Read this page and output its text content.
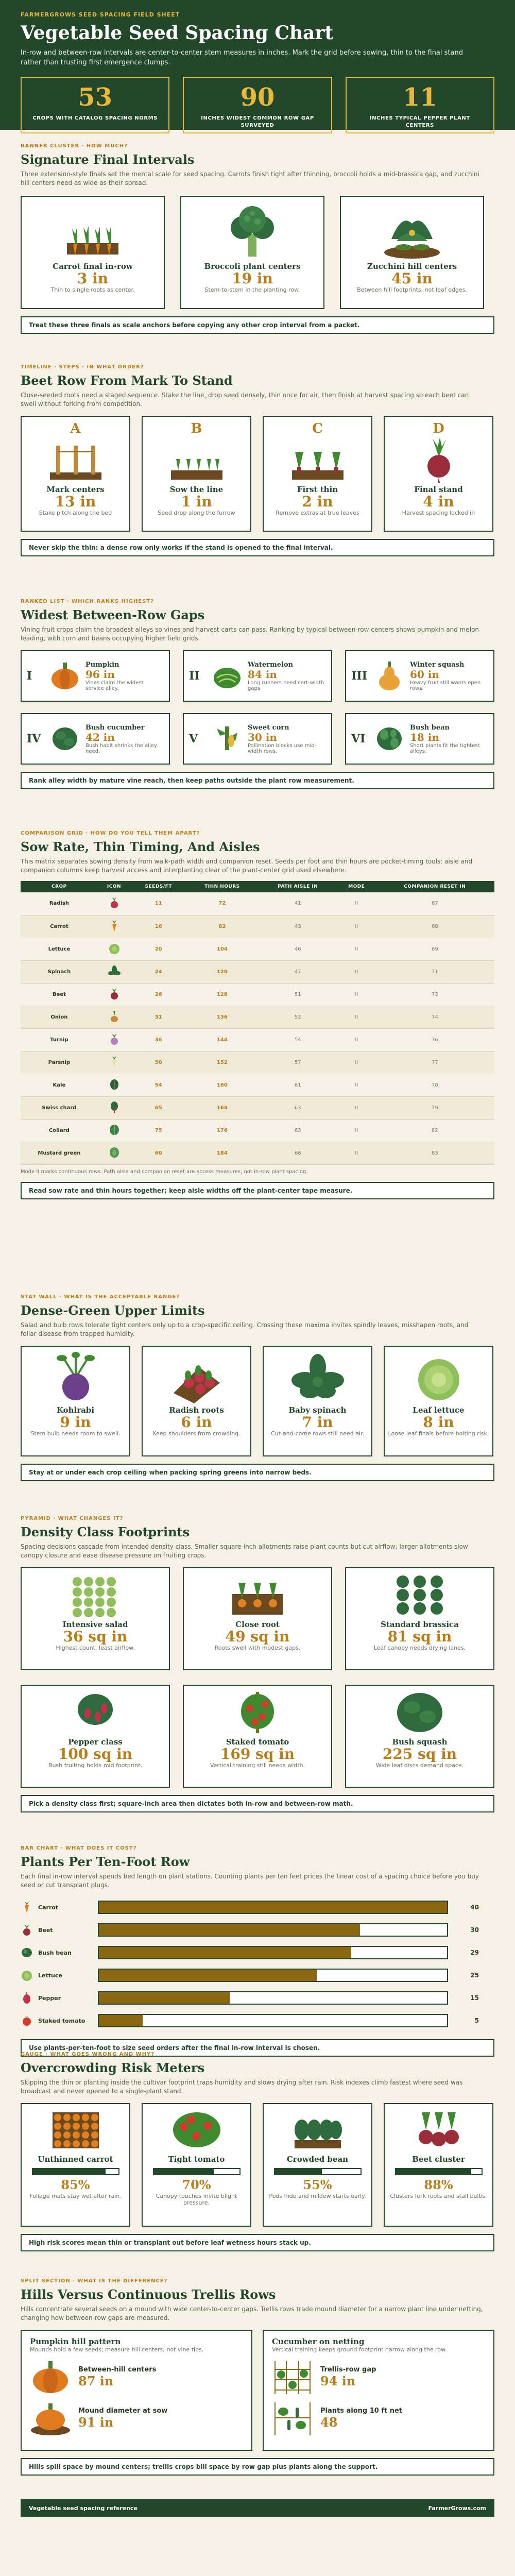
FARMERGROWS SEED SPACING FIELD SHEET
Vegetable Seed Spacing Chart
In-row and between-row intervals are center-to-center stem measures in inches. Mark the grid before sowing, thin to the final stand rather than trusting first emergence clumps.
53
CROPS WITH CATALOG SPACING NORMS
90
INCHES WIDEST COMMON ROW GAP SURVEYED
11
INCHES TYPICAL PEPPER PLANT CENTERS
BANNER CLUSTER · HOW MUCH?
Signature Final Intervals
Three extension-style finals set the mental scale for seed spacing. Carrots finish tight after thinning, broccoli holds a mid-brassica gap, and zucchini hill centers need as wide as their spread.
Carrot final in-row
3 in
Thin to single roots as center.
Broccoli plant centers
19 in
Stem-to-stem in the planting row.
Zucchini hill centers
45 in
Between hill footprints, not leaf edges.
Treat these three finals as scale anchors before copying any other crop interval from a packet.
TIMELINE · STEPS · IN WHAT ORDER?
Beet Row From Mark To Stand
Close-seeded roots need a staged sequence. Stake the line, drop seed densely, thin once for air, then finish at harvest spacing so each beet can swell without forking from competition.
A
Mark centers
13 in
Stake pitch along the bed
B
Sow the line
1 in
Seed drop along the furrow
C
First thin
2 in
Remove extras at true leaves
D
Final stand
4 in
Harvest spacing locked in
Never skip the thin: a dense row only works if the stand is opened to the final interval.
RANKED LIST · WHICH RANKS HIGHEST?
Widest Between-Row Gaps
Vining fruit crops claim the broadest alleys so vines and harvest carts can pass. Ranking by typical between-row centers shows pumpkin and melon leading, with corn and beans occupying higher field grids.
I
Pumpkin
96 in
Vines claim the widest service alley.
II
Watermelon
84 in
Long runners need cart-width gaps.
III
Winter squash
60 in
Heavy fruit still wants open rows.
IV
Bush cucumber
42 in
Bush habit shrinks the alley need.
V
Sweet corn
30 in
Pollination blocks use mid-width rows.
VI
Bush bean
18 in
Short plants fit the tightest alleys.
Rank alley width by mature vine reach, then keep paths outside the plant row measurement.
COMPARISON GRID · HOW DO YOU TELL THEM APART?
Sow Rate, Thin Timing, And Aisles
This matrix separates sowing density from walk-path width and companion reset. Seeds per foot and thin hours are pocket-timing tools; aisle and companion columns keep harvest access and interplanting clear of the plant-center grid used elsewhere.
CROP	ICON	SEEDS/FT	THIN HOURS	PATH AISLE IN	MODE	COMPANION RESET IN
Radish		11	72	41	II	67
Carrot		16	82	43	II	68
Lettuce		20	104	46	II	69
Spinach		24	120	47	II	71
Beet		26	128	51	II	73
Onion		31	136	52	II	74
Turnip		36	144	54	II	76
Parsnip		50	152	57	II	77
Kale		54	160	61	II	78
Swiss chard		65	168	63	II	79
Collard		75	176	63	II	82
Mustard green		60	184	66	II	83
Mode II marks continuous rows. Path aisle and companion reset are access measures, not in-row plant spacing.
Read sow rate and thin hours together; keep aisle widths off the plant-center tape measure.
STAT WALL · WHAT IS THE ACCEPTABLE RANGE?
Dense-Green Upper Limits
Salad and bulb rows tolerate tight centers only up to a crop-specific ceiling. Crossing these maxima invites spindly leaves, misshapen roots, and foliar disease from trapped humidity.
Kohlrabi
9 in
Stem bulb needs room to swell.
Radish roots
6 in
Keep shoulders from crowding.
Baby spinach
7 in
Cut-and-come rows still need air.
Leaf lettuce
8 in
Loose leaf finals before bolting risk.
Stay at or under each crop ceiling when packing spring greens into narrow beds.
PYRAMID · WHAT CHANGES IT?
Density Class Footprints
Spacing decisions cascade from intended density class. Smaller square-inch allotments raise plant counts but cut airflow; larger allotments slow canopy closure and ease disease pressure on fruiting crops.
Intensive salad
36 sq in
Highest count, least airflow.
Close root
49 sq in
Roots swell with modest gaps.
Standard brassica
81 sq in
Leaf canopy needs drying lanes.
Pepper class
100 sq in
Bush fruiting holds mid footprint.
Staked tomato
169 sq in
Vertical training still needs width.
Bush squash
225 sq in
Wide leaf discs demand space.
Pick a density class first; square-inch area then dictates both in-row and between-row math.
BAR CHART · WHAT DOES IT COST?
Plants Per Ten-Foot Row
Each final in-row interval spends bed length on plant stations. Counting plants per ten feet prices the linear cost of a spacing choice before you buy seed or cut transplant plugs.
Carrot	40
Beet	30
Bush bean	29
Lettuce	25
Pepper	15
Staked tomato	5
Use plants-per-ten-foot to size seed orders after the final in-row interval is chosen.
GAUGE · WHAT GOES WRONG AND WHY?
Overcrowding Risk Meters
Skipping the thin or planting inside the cultivar footprint traps humidity and slows drying after rain. Risk indexes climb fastest where seed was broadcast and never opened to a single-plant stand.
Unthinned carrot
85%
Foliage mats stay wet after rain.
Tight tomato
70%
Canopy touches invite blight pressure.
Crowded bean
55%
Pods hide and mildew starts early.
Beet cluster
88%
Clusters fork roots and stall bulbs.
High risk scores mean thin or transplant out before leaf wetness hours stack up.
SPLIT SECTION · WHAT IS THE DIFFERENCE?
Hills Versus Continuous Trellis Rows
Hills concentrate several seeds on a mound with wide center-to-center gaps. Trellis rows trade mound diameter for a narrow plant line under netting, changing how between-row gaps are measured.
Pumpkin hill pattern
Mounds hold a few seeds; measure hill centers, not vine tips.
Between-hill centers
87 in
Mound diameter at sow
91 in
Cucumber on netting
Vertical training keeps ground footprint narrow along the row.
Trellis-row gap
94 in
Plants along 10 ft net
48
Hills spill space by mound centers; trellis crops bill space by row gap plus plants along the support.
Vegetable seed spacing reference	FarmerGrows.com
